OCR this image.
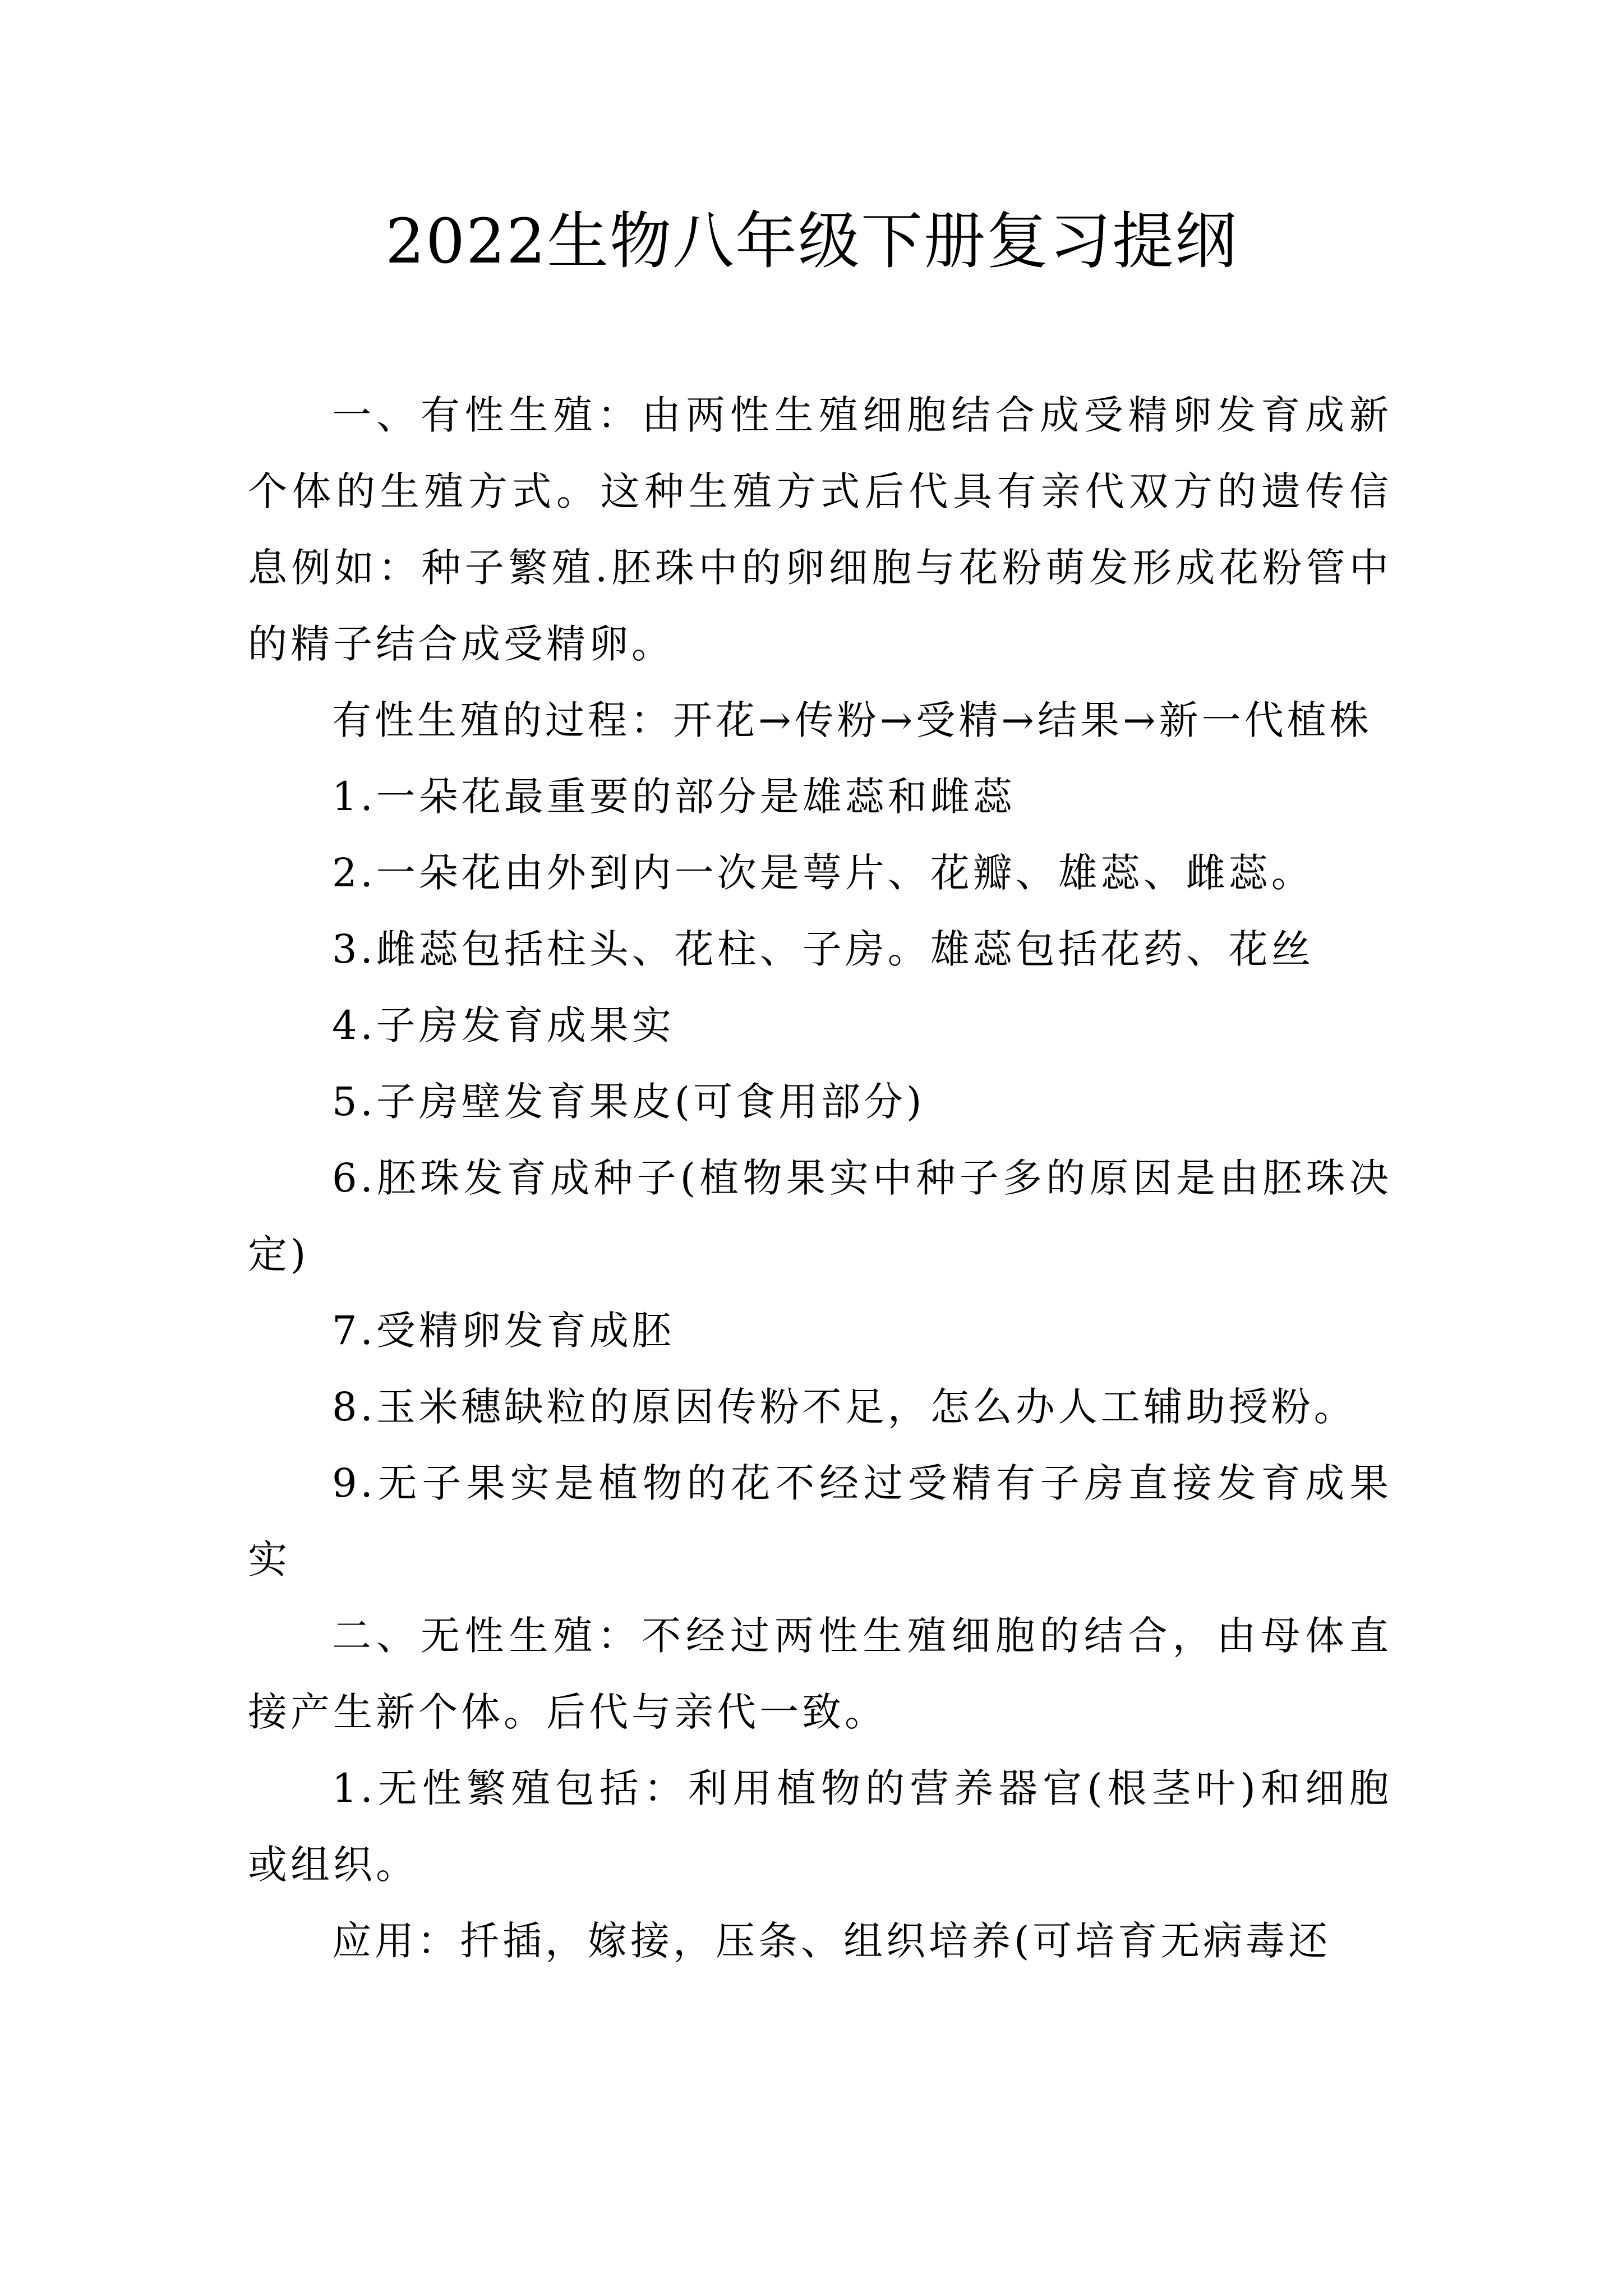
2022生物八年级下册复习提纲

一、有性生殖：由两性生殖细胞结合成受精卵发育成新个体的生殖方式。这种生殖方式后代具有亲代双方的遗传信息例如：种子繁殖.胚珠中的卵细胞与花粉萌发形成花粉管中的精子结合成受精卵。

有性生殖的过程：开花→传粉→受精→结果→新一代植株

1.一朵花最重要的部分是雄蕊和雌蕊

2.一朵花由外到内一次是萼片、花瓣、雄蕊、雌蕊。

3.雌蕊包括柱头、花柱、子房。雄蕊包括花药、花丝

4.子房发育成果实

5.子房壁发育果皮(可食用部分)

6.胚珠发育成种子(植物果实中种子多的原因是由胚珠决定)

7.受精卵发育成胚

8.玉米穗缺粒的原因传粉不足，怎么办人工辅助授粉。

9.无子果实是植物的花不经过受精有子房直接发育成果实

二、无性生殖：不经过两性生殖细胞的结合，由母体直接产生新个体。后代与亲代一致。

1.无性繁殖包括：利用植物的营养器官(根茎叶)和细胞或组织。

应用：扦插，嫁接，压条、组织培养(可培育无病毒还
